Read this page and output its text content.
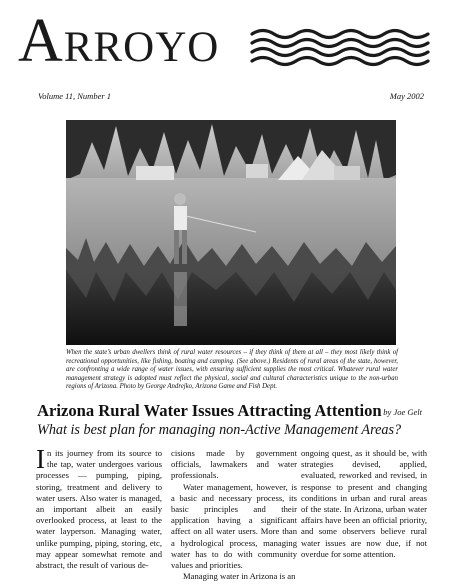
Arroyo
Volume 11, Number 1	May 2002
When the state’s urban dwellers think of rural water resources – if they think of them at all – they most likely think of recreational opportunities, like fishing, boating and camping. (See above.) Residents of rural areas of the state, however, are confronting a wide range of water issues, with ensuring sufficient supplies the most critical. Whatever rural water management strategy is adopted must reflect the physical, social and cultural characteristics unique to the non-urban regions of Arizona. Photo by George Andrejko, Arizona Game and Fish Dept.
Arizona Rural Water Issues Attracting Attention by Joe Gelt
What is best plan for managing non-Active Management Areas?

In its journey from its source to the tap, water undergoes various processes — pumping, piping, storing, treatment and delivery to water users. Also water is managed, an important albeit an easily overlooked process, at least to the water layperson. Managing water, unlike pumping, piping, storing, etc, may appear somewhat remote and abstract, the result of various de-

cisions made by government officials, lawmakers and water professionals.

Water management, however, is a basic and necessary process, its basic principles and their application having a significant affect on all water users. More than a hydrological process, managing water has to do with community values and priorities.

Managing water in Arizona is an

ongoing quest, as it should be, with strategies devised, applied, evaluated, reworked and revised, in response to present and changing conditions in urban and rural areas of the state. In Arizona, urban water affairs have been an official priority, and some observers believe rural water issues are now due, if not overdue for some attention.
